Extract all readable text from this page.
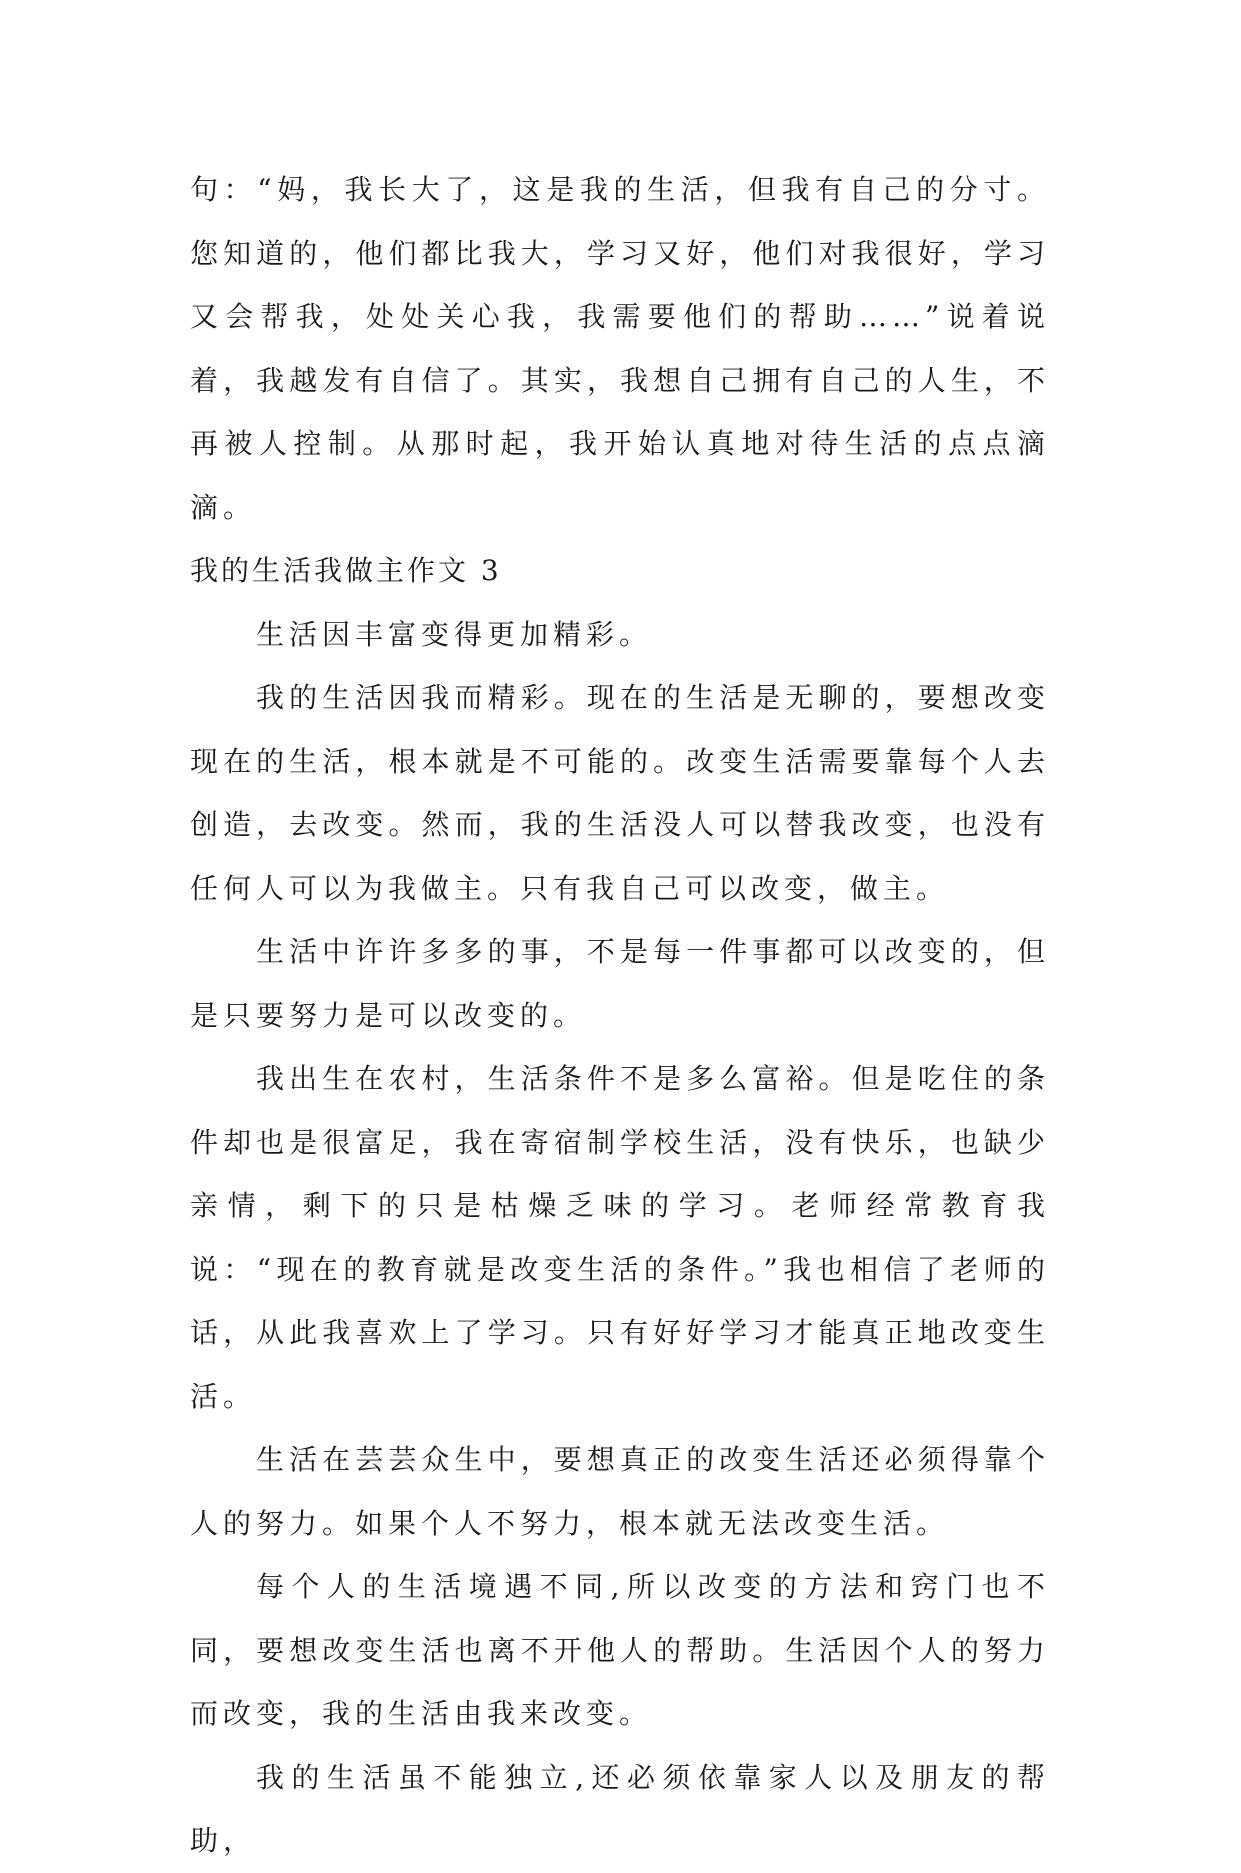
句：“妈，我长大了，这是我的生活，但我有自己的分寸。您知道的，他们都比我大，学习又好，他们对我很好，学习又会帮我，处处关心我，我需要他们的帮助……”说着说着，我越发有自信了。其实，我想自己拥有自己的人生，不再被人控制。从那时起，我开始认真地对待生活的点点滴滴。

我的生活我做主作文 3

生活因丰富变得更加精彩。

我的生活因我而精彩。现在的生活是无聊的，要想改变现在的生活，根本就是不可能的。改变生活需要靠每个人去创造，去改变。然而，我的生活没人可以替我改变，也没有任何人可以为我做主。只有我自己可以改变，做主。

生活中许许多多的事，不是每一件事都可以改变的，但是只要努力是可以改变的。

我出生在农村，生活条件不是多么富裕。但是吃住的条件却也是很富足，我在寄宿制学校生活，没有快乐，也缺少亲情，剩下的只是枯燥乏味的学习。老师经常教育我说：“现在的教育就是改变生活的条件。”我也相信了老师的话，从此我喜欢上了学习。只有好好学习才能真正地改变生活。

生活在芸芸众生中，要想真正的改变生活还必须得靠个人的努力。如果个人不努力，根本就无法改变生活。

每个人的生活境遇不同,所以改变的方法和窍门也不同，要想改变生活也离不开他人的帮助。生活因个人的努力而改变，我的生活由我来改变。

我的生活虽不能独立,还必须依靠家人以及朋友的帮助，
